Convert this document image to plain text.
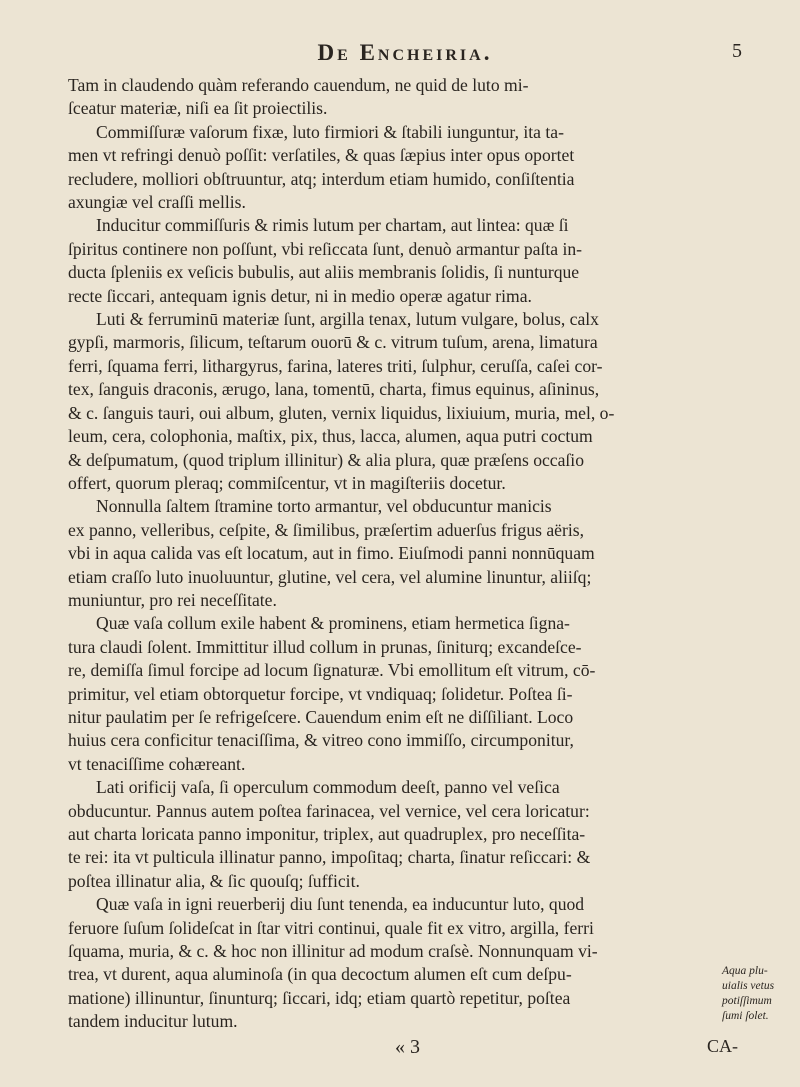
De Encheiria.	5

Tam in claudendo quàm referando cauendum, ne quid de luto mi-
ſceatur materiæ, niſi ea ſit proiectilis.

Commiſſuræ vaſorum fixæ, luto firmiori & ſtabili iunguntur, ita ta-
men vt refringi denuò poſſit: verſatiles, & quas ſæpius inter opus oportet
recludere, molliori obſtruuntur, atq; interdum etiam humido, conſiſtentia
axungiæ vel craſſi mellis.

Inducitur commiſſuris & rimis lutum per chartam, aut lintea: quæ ſi
ſpiritus continere non poſſunt, vbi reſiccata ſunt, denuò armantur paſta in-
ducta ſpleniis ex veſicis bubulis, aut aliis membranis ſolidis, ſi nunturque
recte ſiccari, antequam ignis detur, ni in medio operæ agatur rima.

Luti & ferruminū materiæ ſunt, argilla tenax, lutum vulgare, bolus, calx
gypſi, marmoris, ſilicum, teſtarum ouorū & c. vitrum tuſum, arena, limatura
ferri, ſquama ferri, lithargyrus, farina, lateres triti, ſulphur, ceruſſa, caſei cor-
tex, ſanguis draconis, ærugo, lana, tomentū, charta, fimus equinus, aſininus,
& c. ſanguis tauri, oui album, gluten, vernix liquidus, lixiuium, muria, mel, o-
leum, cera, colophonia, maſtix, pix, thus, lacca, alumen, aqua putri coctum
& deſpumatum, (quod triplum illinitur) & alia plura, quæ præſens occaſio
offert, quorum pleraq; commiſcentur, vt in magiſteriis docetur.

Nonnulla ſaltem ſtramine torto armantur, vel obducuntur manicis
ex panno, velleribus, ceſpite, & ſimilibus, præſertim aduerſus frigus aëris,
vbi in aqua calida vas eſt locatum, aut in fimo. Eiuſmodi panni nonnūquam
etiam craſſo luto inuoluuntur, glutine, vel cera, vel alumine linuntur, aliiſq;
muniuntur, pro rei neceſſitate.

Quæ vaſa collum exile habent & prominens, etiam hermetica ſigna-
tura claudi ſolent. Immittitur illud collum in prunas, ſiniturq; excandeſce-
re, demiſſa ſimul forcipe ad locum ſignaturæ. Vbi emollitum eſt vitrum, cō-
primitur, vel etiam obtorquetur forcipe, vt vndiquaq; ſolidetur. Poſtea ſi-
nitur paulatim per ſe refrigeſcere. Cauendum enim eſt ne diſſiliant. Loco
huius cera conficitur tenaciſſima, & vitreo cono immiſſo, circumponitur,
vt tenaciſſime cohæreant.

Lati orificij vaſa, ſi operculum commodum deeſt, panno vel veſica
obducuntur. Pannus autem poſtea farinacea, vel vernice, vel cera loricatur:
aut charta loricata panno imponitur, triplex, aut quadruplex, pro neceſſita-
te rei: ita vt pulticula illinatur panno, impoſitaq; charta, ſinatur reſiccari: &
poſtea illinatur alia, & ſic quouſq; ſufficit.

Quæ vaſa in igni reuerberij diu ſunt tenenda, ea inducuntur luto, quod
feruore ſuſum ſolideſcat in ſtar vitri continui, quale fit ex vitro, argilla, ferri
ſquama, muria, & c. & hoc non illinitur ad modum craſsè. Nonnunquam vi-
trea, vt durent, aqua aluminoſa (in qua decoctum alumen eſt cum deſpu-
matione) illinuntur, ſinunturq; ſiccari, idq; etiam quartò repetitur, poſtea
tandem inducitur lutum.

Aqua plu-
uialis vetus
potiſſimum
ſumi ſolet.
« 3	CA-
